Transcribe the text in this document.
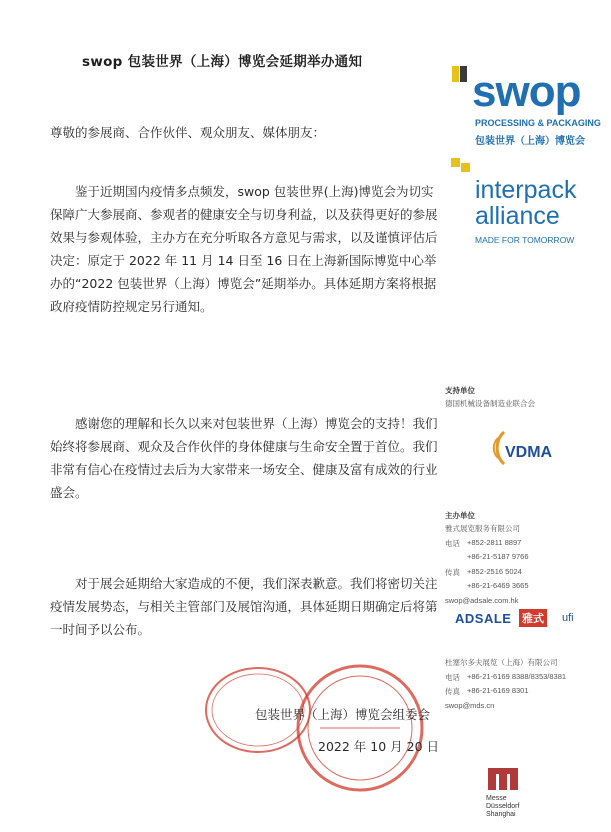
swop 包装世界（上海）博览会延期举办通知
尊敬的参展商、合作伙伴、观众朋友、媒体朋友：

鉴于近期国内疫情多点频发，swop 包装世界(上海)博览会为切实保障广大参展商、参观者的健康安全与切身利益，以及获得更好的参展效果与参观体验，主办方在充分听取各方意见与需求，以及谨慎评估后决定：原定于 2022 年 11 月 14 日至 16 日在上海新国际博览中心举办的“2022 包装世界（上海）博览会”延期举办。具体延期方案将根据政府疫情防控规定另行通知。

感谢您的理解和长久以来对包装世界（上海）博览会的支持！我们始终将参展商、观众及合作伙伴的身体健康与生命安全置于首位。我们非常有信心在疫情过去后为大家带来一场安全、健康及富有成效的行业盛会。

对于展会延期给大家造成的不便，我们深表歉意。我们将密切关注疫情发展势态，与相关主管部门及展馆沟通，具体延期日期确定后将第一时间予以公布。

包装世界（上海）博览会组委会
2022 年 10 月 20 日
swop
PROCESSING & PACKAGING
包装世界（上海）博览会
interpack
alliance
MADE FOR TOMORROW
支持单位
德国机械设备制造业联合会
VDMA
主办单位
雅式展览服务有限公司
电话 +852-2811 8897
+86-21-5187 9766
传真 +852-2516 5024
+86-21-6469 3665
swop@adsale.com.hk
ADSALE 雅式 ufi
杜塞尔多夫展览（上海）有限公司
电话 +86-21-6169 8388/8353/8381
传真 +86-21-6169 8301
swop@mds.cn
Messe
Düsseldorf
Shanghai
